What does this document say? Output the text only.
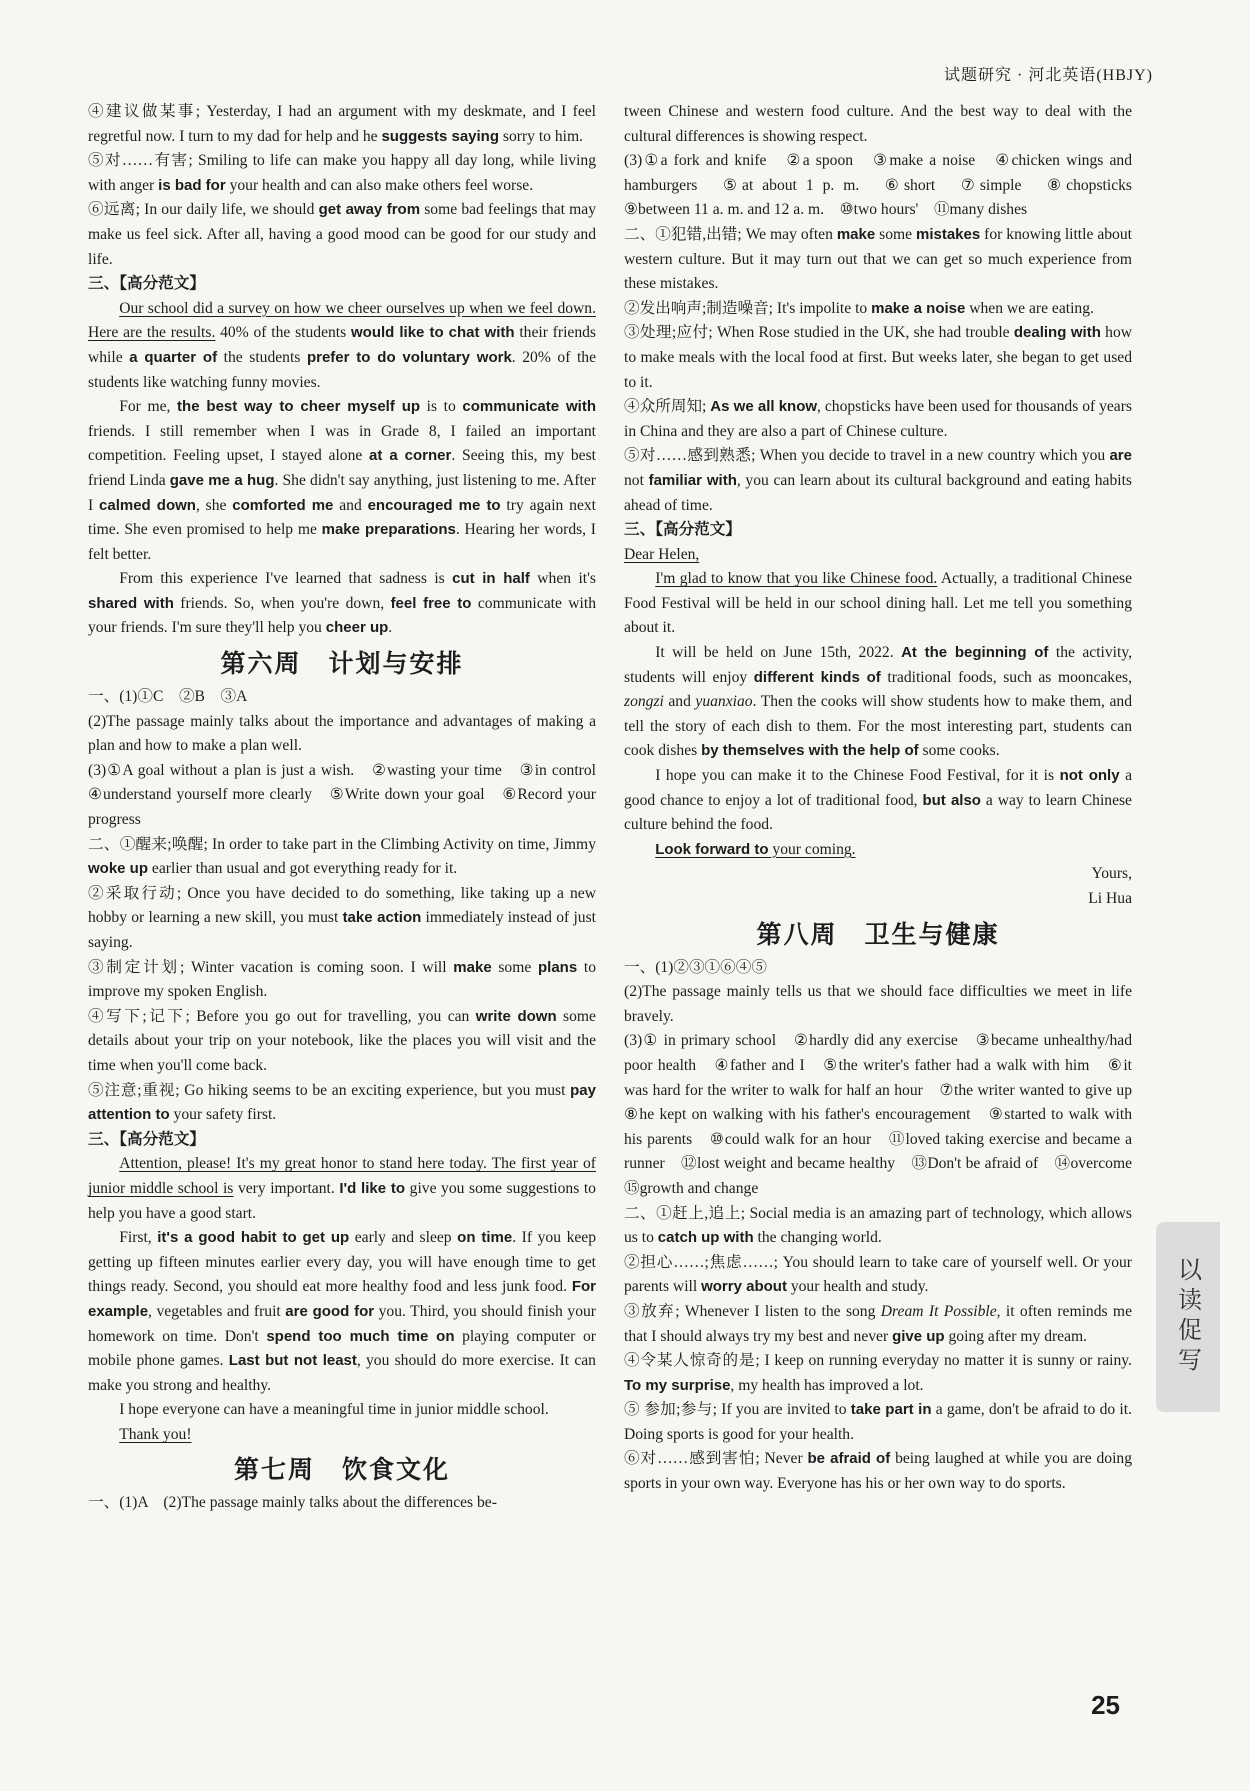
试题研究 · 河北英语(HBJY)

④建议做某事; Yesterday, I had an argument with my deskmate, and I feel regretful now. I turn to my dad for help and he suggests saying sorry to him.

⑤对……有害; Smiling to life can make you happy all day long, while living with anger is bad for your health and can also make others feel worse.

⑥远离; In our daily life, we should get away from some bad feelings that may make us feel sick. After all, having a good mood can be good for our study and life.

三、【高分范文】

Our school did a survey on how we cheer ourselves up when we feel down. Here are the results. 40% of the students would like to chat with their friends while a quarter of the students prefer to do voluntary work. 20% of the students like watching funny movies.

For me, the best way to cheer myself up is to communicate with friends. I still remember when I was in Grade 8, I failed an important competition. Feeling upset, I stayed alone at a corner. Seeing this, my best friend Linda gave me a hug. She didn't say anything, just listening to me. After I calmed down, she comforted me and encouraged me to try again next time. She even promised to help me make preparations. Hearing her words, I felt better.

From this experience I've learned that sadness is cut in half when it's shared with friends. So, when you're down, feel free to communicate with your friends. I'm sure they'll help you cheer up.

第六周　计划与安排

一、(1)①C　②B　③A

(2)The passage mainly talks about the importance and advantages of making a plan and how to make a plan well.

(3)①A goal without a plan is just a wish.　②wasting your time　③in control　④understand yourself more clearly　⑤Write down your goal　⑥Record your progress

二、①醒来;唤醒; In order to take part in the Climbing Activity on time, Jimmy woke up earlier than usual and got everything ready for it.

②采取行动; Once you have decided to do something, like taking up a new hobby or learning a new skill, you must take action immediately instead of just saying.

③制定计划; Winter vacation is coming soon. I will make some plans to improve my spoken English.

④写下;记下; Before you go out for travelling, you can write down some details about your trip on your notebook, like the places you will visit and the time when you'll come back.

⑤注意;重视; Go hiking seems to be an exciting experience, but you must pay attention to your safety first.

三、【高分范文】

Attention, please! It's my great honor to stand here today. The first year of junior middle school is very important. I'd like to give you some suggestions to help you have a good start.

First, it's a good habit to get up early and sleep on time. If you keep getting up fifteen minutes earlier every day, you will have enough time to get things ready. Second, you should eat more healthy food and less junk food. For example, vegetables and fruit are good for you. Third, you should finish your homework on time. Don't spend too much time on playing computer or mobile phone games. Last but not least, you should do more exercise. It can make you strong and healthy.

I hope everyone can have a meaningful time in junior middle school.

Thank you!

第七周　饮食文化

一、(1)A　(2)The passage mainly talks about the differences be-

tween Chinese and western food culture. And the best way to deal with the cultural differences is showing respect.

(3)①a fork and knife　②a spoon　③make a noise　④chicken wings and hamburgers　⑤at about 1 p. m.　⑥short　⑦simple　⑧chopsticks　⑨between 11 a. m. and 12 a. m.　⑩two hours'　⑪many dishes

二、①犯错,出错; We may often make some mistakes for knowing little about western culture. But it may turn out that we can get so much experience from these mistakes.

②发出响声;制造噪音; It's impolite to make a noise when we are eating.

③处理;应付; When Rose studied in the UK, she had trouble dealing with how to make meals with the local food at first. But weeks later, she began to get used to it.

④众所周知; As we all know, chopsticks have been used for thousands of years in China and they are also a part of Chinese culture.

⑤对……感到熟悉; When you decide to travel in a new country which you are not familiar with, you can learn about its cultural background and eating habits ahead of time.

三、【高分范文】

Dear Helen,

I'm glad to know that you like Chinese food. Actually, a traditional Chinese Food Festival will be held in our school dining hall. Let me tell you something about it.

It will be held on June 15th, 2022. At the beginning of the activity, students will enjoy different kinds of traditional foods, such as mooncakes, zongzi and yuanxiao. Then the cooks will show students how to make them, and tell the story of each dish to them. For the most interesting part, students can cook dishes by themselves with the help of some cooks.

I hope you can make it to the Chinese Food Festival, for it is not only a good chance to enjoy a lot of traditional food, but also a way to learn Chinese culture behind the food.

Look forward to your coming.

Yours,

Li Hua

第八周　卫生与健康

一、(1)②③①⑥④⑤

(2)The passage mainly tells us that we should face difficulties we meet in life bravely.

(3)① in primary school　②hardly did any exercise　③became unhealthy/had poor health　④father and I　⑤the writer's father had a walk with him　⑥it was hard for the writer to walk for half an hour　⑦the writer wanted to give up　⑧he kept on walking with his father's encouragement　⑨started to walk with his parents　⑩could walk for an hour　⑪loved taking exercise and became a runner　⑫lost weight and became healthy　⑬Don't be afraid of　⑭overcome　⑮growth and change

二、①赶上,追上; Social media is an amazing part of technology, which allows us to catch up with the changing world.

②担心……;焦虑……; You should learn to take care of yourself well. Or your parents will worry about your health and study.

③放弃; Whenever I listen to the song Dream It Possible, it often reminds me that I should always try my best and never give up going after my dream.

④令某人惊奇的是; I keep on running everyday no matter it is sunny or rainy. To my surprise, my health has improved a lot.

⑤ 参加;参与; If you are invited to take part in a game, don't be afraid to do it. Doing sports is good for your health.

⑥对……感到害怕; Never be afraid of being laughed at while you are doing sports in your own way. Everyone has his or her own way to do sports.

以读促写
25
